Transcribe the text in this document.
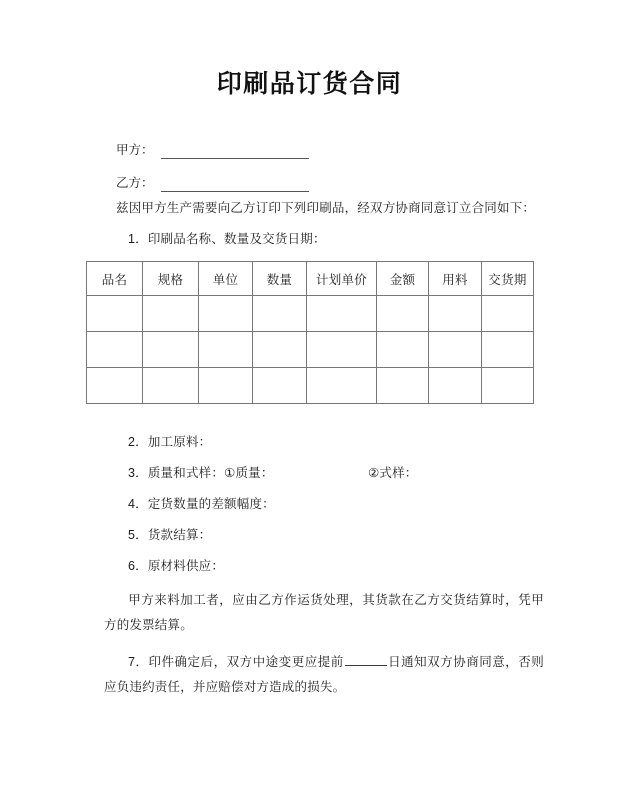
印刷品订货合同
甲方：
乙方：
兹因甲方生产需要向乙方订印下列印刷品，经双方协商同意订立合同如下：
1．印刷品名称、数量及交货日期：
品名	规格	单位	数量	计划单价	金额	用料	交货期

2．加工原料：
3．质量和式样：①质量：	②式样：
4．定货数量的差额幅度：
5．货款结算：
6．原材料供应：
甲方来料加工者，应由乙方作运货处理，其货款在乙方交货结算时，凭甲方的发票结算。
7．印件确定后，双方中途变更应提前	日通知双方协商同意，否则应负违约责任，并应赔偿对方造成的损失。
